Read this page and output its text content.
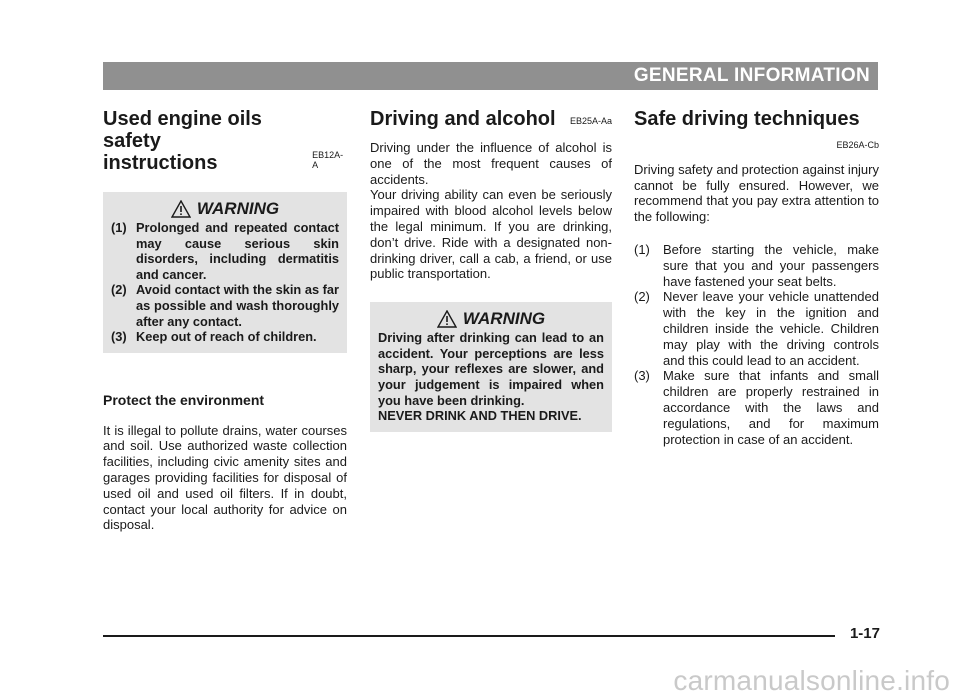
GENERAL INFORMATION
Used engine oils safety
instructions	EB12A-A
WARNING
(1) Prolonged and repeated contact may cause serious skin disorders, including dermatitis and cancer.
(2) Avoid contact with the skin as far as possible and wash thoroughly after any contact.
(3) Keep out of reach of children.
Protect the environment

It is illegal to pollute drains, water courses and soil. Use authorized waste collection facilities, including civic amenity sites and garages providing facilities for disposal of used oil and used oil filters. If in doubt, contact your local authority for advice on disposal.

Driving and alcohol EB25A-Aa

Driving under the influence of alcohol is one of the most frequent causes of accidents.

Your driving ability can even be seriously impaired with blood alcohol levels below the legal minimum. If you are drinking, don’t drive. Ride with a designated non-drinking driver, call a cab, a friend, or use public transportation.

WARNING

Driving after drinking can lead to an accident. Your perceptions are less sharp, your reflexes are slower, and your judgement is impaired when you have been drinking.

NEVER DRINK AND THEN DRIVE.

Safe driving techniques
EB26A-Cb

Driving safety and protection against injury cannot be fully ensured. However, we recommend that you pay extra attention to the following:

(1)	Before starting the vehicle, make sure that you and your passengers have fastened your seat belts.
(2)	Never leave your vehicle unattended with the key in the ignition and children inside the vehicle. Children may play with the driving controls and this could lead to an accident.
(3)	Make sure that infants and small children are properly restrained in accordance with the laws and regulations, and for maximum protection in case of an accident.
1-17
carmanualsonline.info
